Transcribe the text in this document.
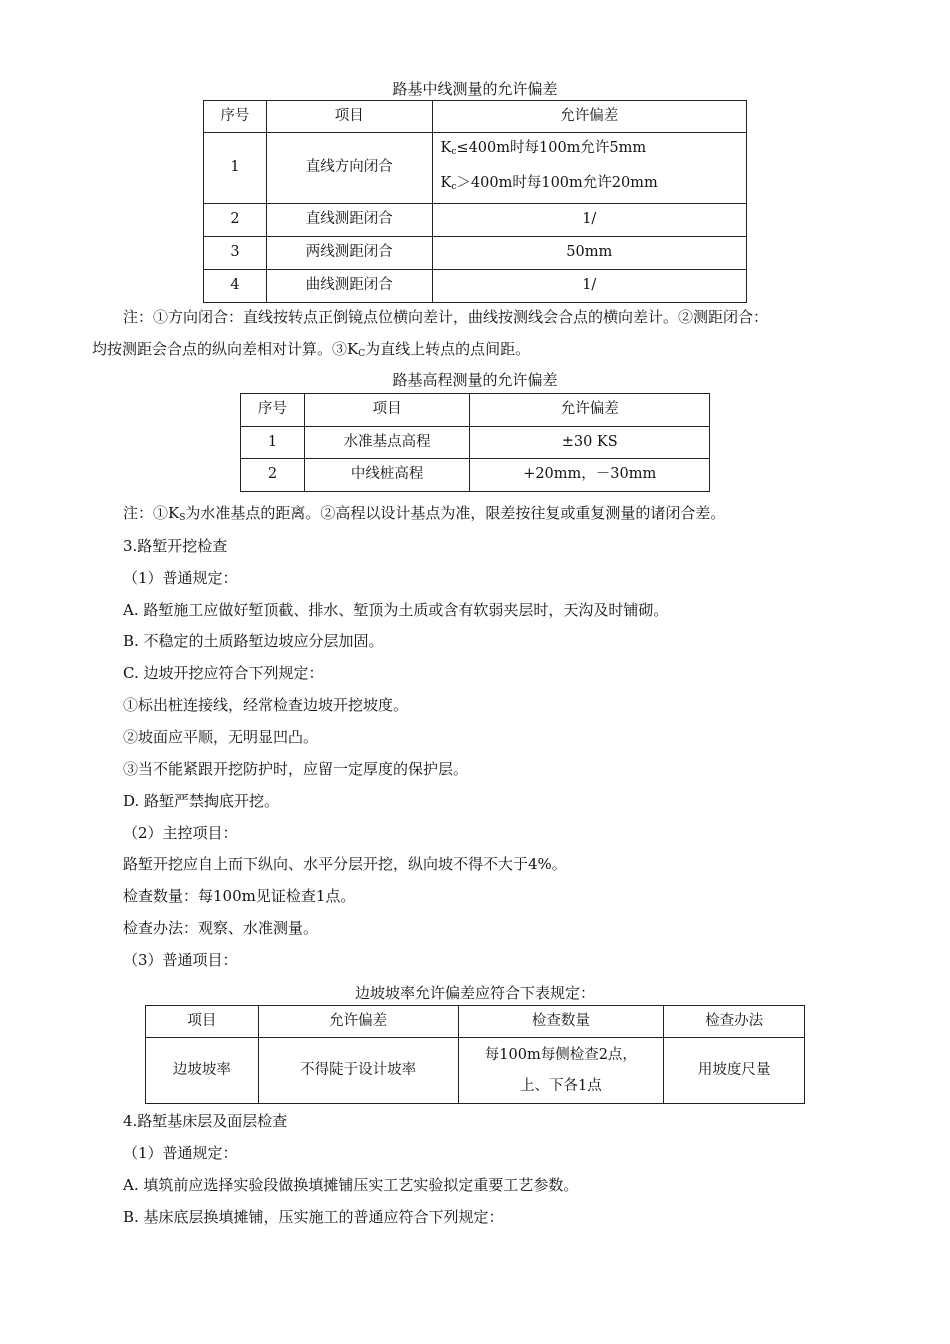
路基中线测量的允许偏差
序号	项目	允许偏差
1	直线方向闭合	$K_c\le 400m$时每100m允许5mm
$K_c>400m$时每100m允许20mm

2	直线测距闭合	1/
3	两线测距闭合	50mm
4	曲线测距闭合	1/
注：①方向闭合：直线按转点正倒镜点位横向差计，曲线按测线会合点的横向差计。②测距闭合：
均按测距会合点的纵向差相对计算。$③K_C$为直线上转点的点间距。
路基高程测量的允许偏差
序号	项目	允许偏差
1	水准基点高程	±30 KS
2	中线桩高程	+20mm，－30mm
注：$①K_S$为水准基点的距离。②高程以设计基点为准，限差按往复或重复测量的诸闭合差。
3.路堑开挖检查
（1）普通规定：
A. 路堑施工应做好堑顶截、排水、堑顶为土质或含有软弱夹层时，天沟及时铺砌。
B. 不稳定的土质路堑边坡应分层加固。
C. 边坡开挖应符合下列规定：
①标出桩连接线，经常检查边坡开挖坡度。
②坡面应平顺，无明显凹凸。
③当不能紧跟开挖防护时，应留一定厚度的保护层。
D. 路堑严禁掏底开挖。
（2）主控项目：
路堑开挖应自上而下纵向、水平分层开挖，纵向坡不得不大于4%。
检查数量：每100m见证检查1点。
检查办法：观察、水准测量。
（3）普通项目：
边坡坡率允许偏差应符合下表规定：
项目	允许偏差	检查数量	检查办法
边坡坡率	不得陡于设计坡率	每100m每侧检查2点，
上、下各1点	用坡度尺量
4.路堑基床层及面层检查
（1）普通规定：
A. 填筑前应选择实验段做换填摊铺压实工艺实验拟定重要工艺参数。
B. 基床底层换填摊铺，压实施工的普通应符合下列规定：
